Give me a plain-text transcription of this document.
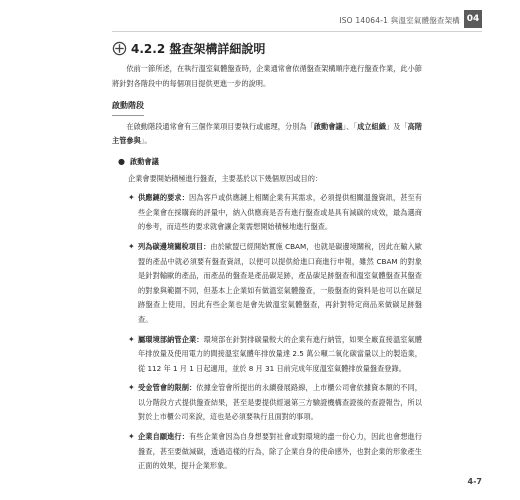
ISO 14064-1 與溫室氣體盤查架構 04
4.2.2 盤查架構詳細說明

依前一節所述，在執行溫室氣體盤查時，企業通常會依循盤查架構順序進行盤查作業，此小節將針對各階段中的每個項目提供更進一步的說明。

啟動階段

在啟動階段通常會有三個作業項目要執行或處理，分別為「啟動會議」、「成立組織」及「高階主管參與」。

● 啟動會議

企業會要開始積極進行盤查，主要基於以下幾個原因或目的：

✦ 供應鏈的要求：因為客戶或供應鏈上相關企業有其需求，必須提供相關溫盤資訊，甚至有些企業會在採購商的評量中，納入供應商是否有進行盤查或是具有減碳的成效，最為選商的參考，而這些的要求就會讓企業需想開始積極地進行盤查。
✦ 列為碳邊境關稅項目：由於歐盟已經開始實施 CBAM，也就是碳邊境關稅，因此在輸入歐盟的產品中就必須要有盤查資訊，以便可以提供給進口商進行申報，雖然 CBAM 的對象是針對輸歐的產品，而產品的盤查是產品碳足跡，產品碳足跡盤查和溫室氣體盤查其盤查的對象與範圍不同，但基本上企業如有做溫室氣體盤查，一般盤查的資料是也可以在碳足跡盤查上使用，因此有些企業也是會先做溫室氣體盤查，再針對特定商品來做碳足跡盤查。
✦ 屬環境部納管企業：環境部在針對排碳量較大的企業有進行納管，如果全廠直接溫室氣體年排放量及使用電力的間接溫室氣體年排放量達 2.5 萬公噸二氧化碳當量以上的製造業，從 112 年 1 月 1 日起適用，並於 8 月 31 日前完成年度溫室氣體排放量盤查登錄。
✦ 受金管會的限制：依據金管會所提出的永續發展路線，上市櫃公司會依據資本額的不同，以分階段方式提供盤查結果，甚至是要提供經過第三方驗證機構查證後的查證報告，所以對於上市櫃公司來說，這也是必須要執行且面對的事項。
✦ 企業自願進行：有些企業會因為自身想要對社會或對環境的盡一份心力，因此也會想進行盤查，甚至要做減碳，透過這樣的行為，除了企業自身的使命感外，也對企業的形象產生正面的效果，提升企業形象。
4-7
